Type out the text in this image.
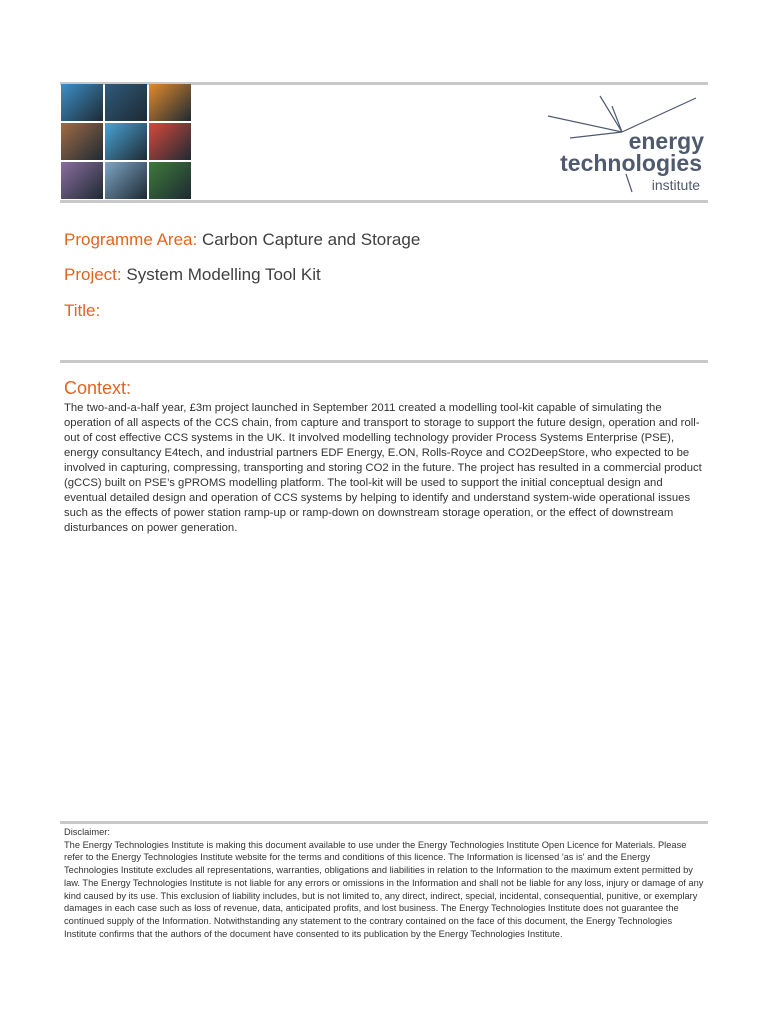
energy
technologies
institute
Programme Area: Carbon Capture and Storage
Project: System Modelling Tool Kit
Title:
Context:

The two-and-a-half year, £3m project launched in September 2011 created a modelling tool-kit capable of simulating the operation of all aspects of the CCS chain, from capture and transport to storage to support the future design, operation and roll-out of cost effective CCS systems in the UK. It involved modelling technology provider Process Systems Enterprise (PSE), energy consultancy E4tech, and industrial partners EDF Energy, E.ON, Rolls-Royce and CO2DeepStore, who expected to be involved in capturing, compressing, transporting and storing CO2 in the future. The project has resulted in a commercial product (gCCS) built on PSE’s gPROMS modelling platform. The tool-kit will be used to support the initial conceptual design and eventual detailed design and operation of CCS systems by helping to identify and understand system-wide operational issues such as the effects of power station ramp-up or ramp-down on downstream storage operation, or the effect of downstream disturbances on power generation.

Disclaimer:
The Energy Technologies Institute is making this document available to use under the Energy Technologies Institute Open Licence for Materials. Please refer to the Energy Technologies Institute website for the terms and conditions of this licence. The Information is licensed 'as is' and the Energy Technologies Institute excludes all representations, warranties, obligations and liabilities in relation to the Information to the maximum extent permitted by law. The Energy Technologies Institute is not liable for any errors or omissions in the Information and shall not be liable for any loss, injury or damage of any kind caused by its use. This exclusion of liability includes, but is not limited to, any direct, indirect, special, incidental, consequential, punitive, or exemplary damages in each case such as loss of revenue, data, anticipated profits, and lost business. The Energy Technologies Institute does not guarantee the continued supply of the Information. Notwithstanding any statement to the contrary contained on the face of this document, the Energy Technologies Institute confirms that the authors of the document have consented to its publication by the Energy Technologies Institute.
